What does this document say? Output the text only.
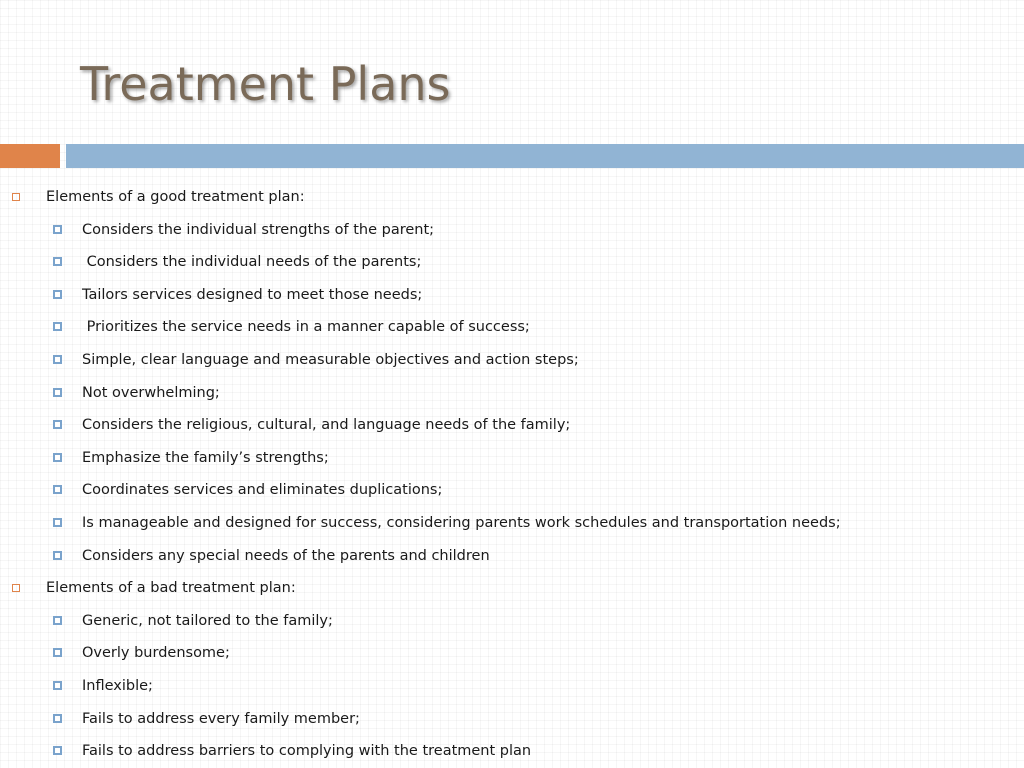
Treatment Plans
Elements of a good treatment plan:
Considers the individual strengths of the parent;
Considers the individual needs of the parents;
Tailors services designed to meet those needs;
Prioritizes the service needs in a manner capable of success;
Simple, clear language and measurable objectives and action steps;
Not overwhelming;
Considers the religious, cultural, and language needs of the family;
Emphasize the family’s strengths;
Coordinates services and eliminates duplications;
Is manageable and designed for success, considering parents work schedules and transportation needs;
Considers any special needs of the parents and children
Elements of a bad treatment plan:
Generic, not tailored to the family;
Overly burdensome;
Inflexible;
Fails to address every family member;
Fails to address barriers to complying with the treatment plan
